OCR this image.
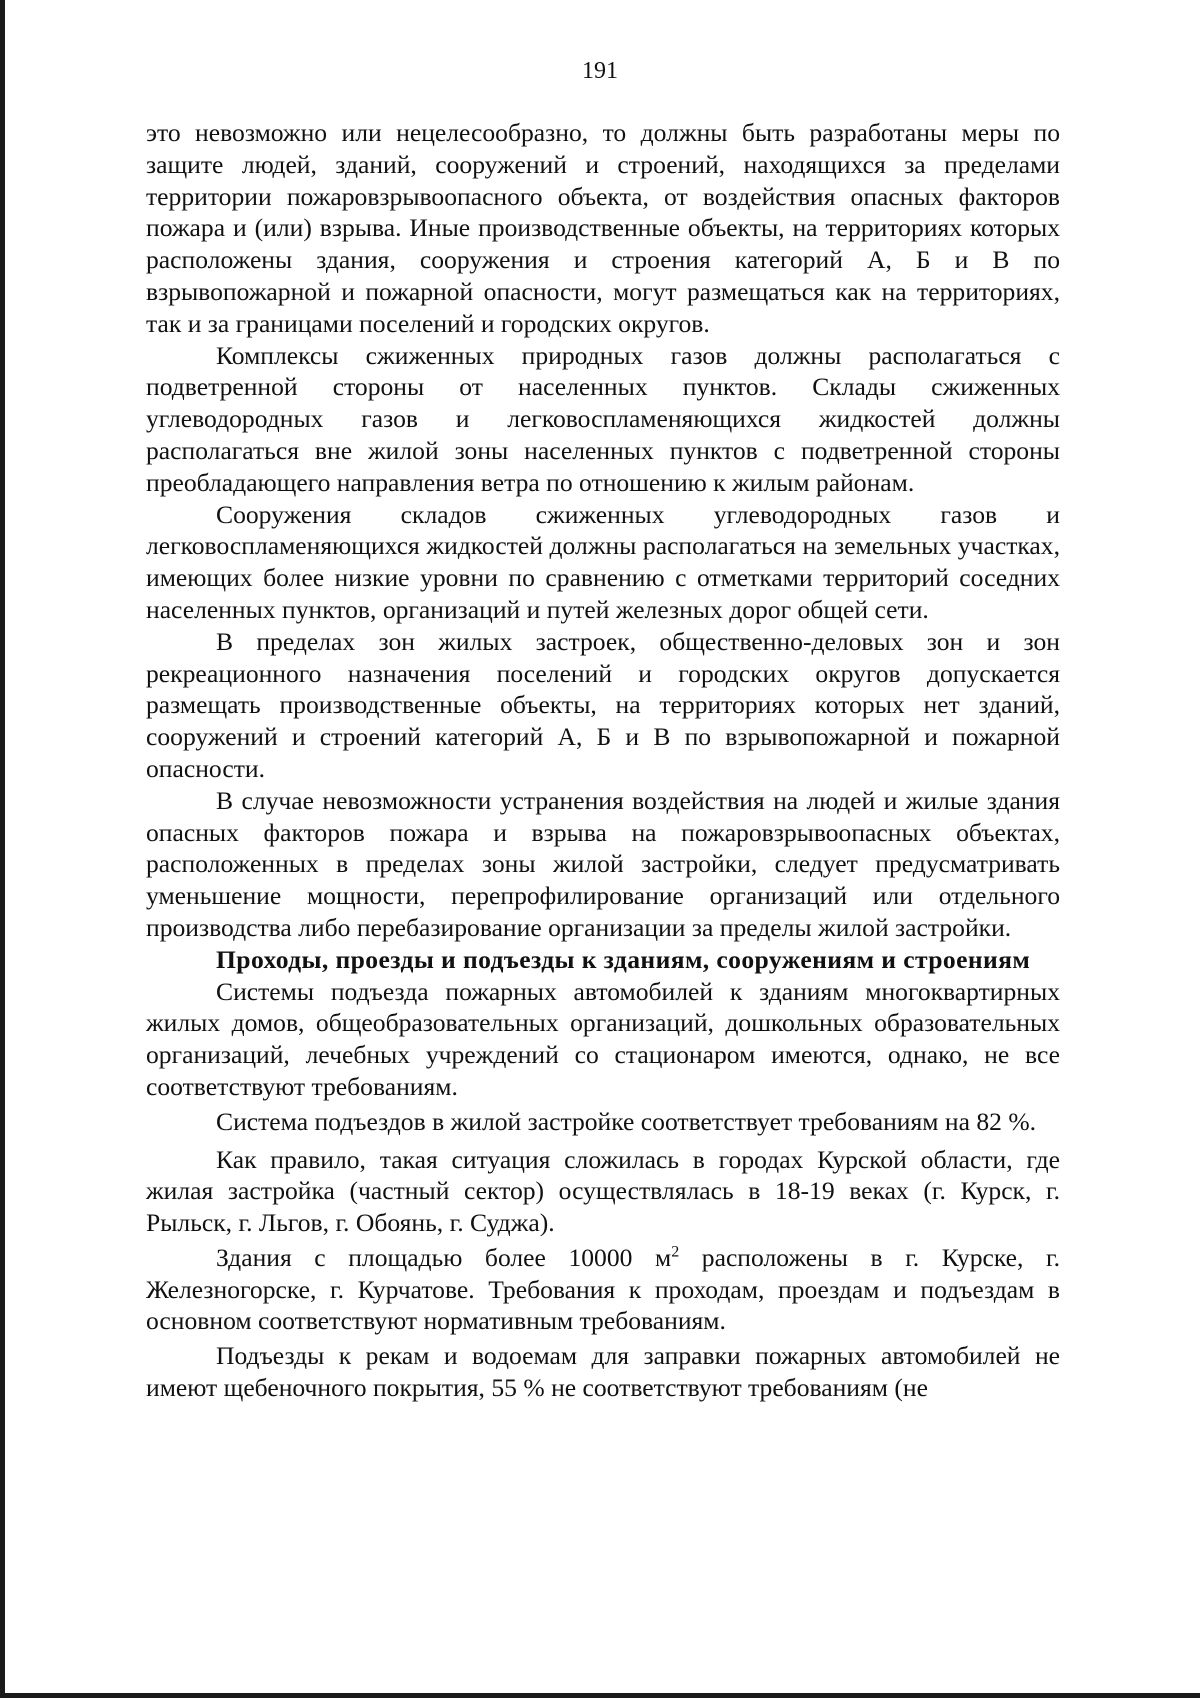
191

это невозможно или нецелесообразно, то должны быть разработаны меры по защите людей, зданий, сооружений и строений, находящихся за пределами территории пожаровзрывоопасного объекта, от воздействия опасных факторов пожара и (или) взрыва. Иные производственные объекты, на территориях которых расположены здания, сооружения и строения категорий А, Б и В по взрывопожарной и пожарной опасности, могут размещаться как на территориях, так и за границами поселений и городских округов.

Комплексы сжиженных природных газов должны располагаться с подветренной стороны от населенных пунктов. Склады сжиженных углеводородных газов и легковоспламеняющихся жидкостей должны располагаться вне жилой зоны населенных пунктов с подветренной стороны преобладающего направления ветра по отношению к жилым районам.

Сооружения складов сжиженных углеводородных газов и легковоспламеняющихся жидкостей должны располагаться на земельных участках, имеющих более низкие уровни по сравнению с отметками территорий соседних населенных пунктов, организаций и путей железных дорог общей сети.

В пределах зон жилых застроек, общественно-деловых зон и зон рекреационного назначения поселений и городских округов допускается размещать производственные объекты, на территориях которых нет зданий, сооружений и строений категорий А, Б и В по взрывопожарной и пожарной опасности.

В случае невозможности устранения воздействия на людей и жилые здания опасных факторов пожара и взрыва на пожаровзрывоопасных объектах, расположенных в пределах зоны жилой застройки, следует предусматривать уменьшение мощности, перепрофилирование организаций или отдельного производства либо перебазирование организации за пределы жилой застройки.

Проходы, проезды и подъезды к зданиям, сооружениям и строениям

Системы подъезда пожарных автомобилей к зданиям многоквартирных жилых домов, общеобразовательных организаций, дошкольных образовательных организаций, лечебных учреждений со стационаром имеются, однако, не все соответствуют требованиям.

Система подъездов в жилой застройке соответствует требованиям на 82 %.

Как правило, такая ситуация сложилась в городах Курской области, где жилая застройка (частный сектор) осуществлялась в 18-19 веках (г. Курск, г. Рыльск, г. Льгов, г. Обоянь, г. Суджа).

Здания с площадью более 10000 $м^2$ расположены в г. Курске, г. Железногорске, г. Курчатове. Требования к проходам, проездам и подъездам в основном соответствуют нормативным требованиям.

Подъезды к рекам и водоемам для заправки пожарных автомобилей не имеют щебеночного покрытия, 55 % не соответствуют требованиям (не
